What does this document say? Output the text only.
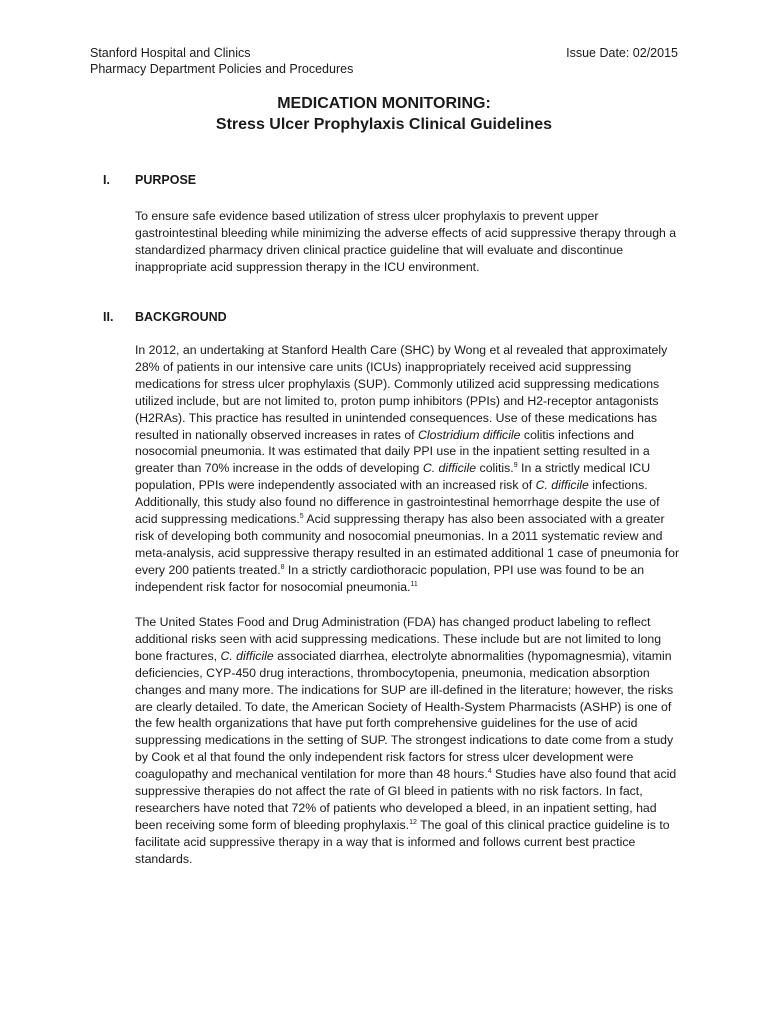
Stanford Hospital and Clinics
Pharmacy Department Policies and Procedures
Issue Date: 02/2015
MEDICATION MONITORING:
Stress Ulcer Prophylaxis Clinical Guidelines
I. PURPOSE

To ensure safe evidence based utilization of stress ulcer prophylaxis to prevent upper gastrointestinal bleeding while minimizing the adverse effects of acid suppressive therapy through a standardized pharmacy driven clinical practice guideline that will evaluate and discontinue inappropriate acid suppression therapy in the ICU environment.

II. BACKGROUND

In 2012, an undertaking at Stanford Health Care (SHC) by Wong et al revealed that approximately 28% of patients in our intensive care units (ICUs) inappropriately received acid suppressing medications for stress ulcer prophylaxis (SUP). Commonly utilized acid suppressing medications utilized include, but are not limited to, proton pump inhibitors (PPIs) and H2-receptor antagonists (H2RAs). This practice has resulted in unintended consequences. Use of these medications has resulted in nationally observed increases in rates of Clostridium difficile colitis infections and nosocomial pneumonia. It was estimated that daily PPI use in the inpatient setting resulted in a greater than 70% increase in the odds of developing C. difficile colitis.$^9$ In a strictly medical ICU population, PPIs were independently associated with an increased risk of C. difficile infections. Additionally, this study also found no difference in gastrointestinal hemorrhage despite the use of acid suppressing medications.$^5$ Acid suppressing therapy has also been associated with a greater risk of developing both community and nosocomial pneumonias. In a 2011 systematic review and meta-analysis, acid suppressive therapy resulted in an estimated additional 1 case of pneumonia for every 200 patients treated.$^8$ In a strictly cardiothoracic population, PPI use was found to be an independent risk factor for nosocomial pneumonia.$^{11}$

The United States Food and Drug Administration (FDA) has changed product labeling to reflect additional risks seen with acid suppressing medications. These include but are not limited to long bone fractures, C. difficile associated diarrhea, electrolyte abnormalities (hypomagnesmia), vitamin deficiencies, CYP-450 drug interactions, thrombocytopenia, pneumonia, medication absorption changes and many more. The indications for SUP are ill-defined in the literature; however, the risks are clearly detailed. To date, the American Society of Health-System Pharmacists (ASHP) is one of the few health organizations that have put forth comprehensive guidelines for the use of acid suppressing medications in the setting of SUP. The strongest indications to date come from a study by Cook et al that found the only independent risk factors for stress ulcer development were coagulopathy and mechanical ventilation for more than 48 hours.$^4$ Studies have also found that acid suppressive therapies do not affect the rate of GI bleed in patients with no risk factors. In fact, researchers have noted that 72% of patients who developed a bleed, in an inpatient setting, had been receiving some form of bleeding prophylaxis.$^{12}$ The goal of this clinical practice guideline is to facilitate acid suppressive therapy in a way that is informed and follows current best practice standards.
